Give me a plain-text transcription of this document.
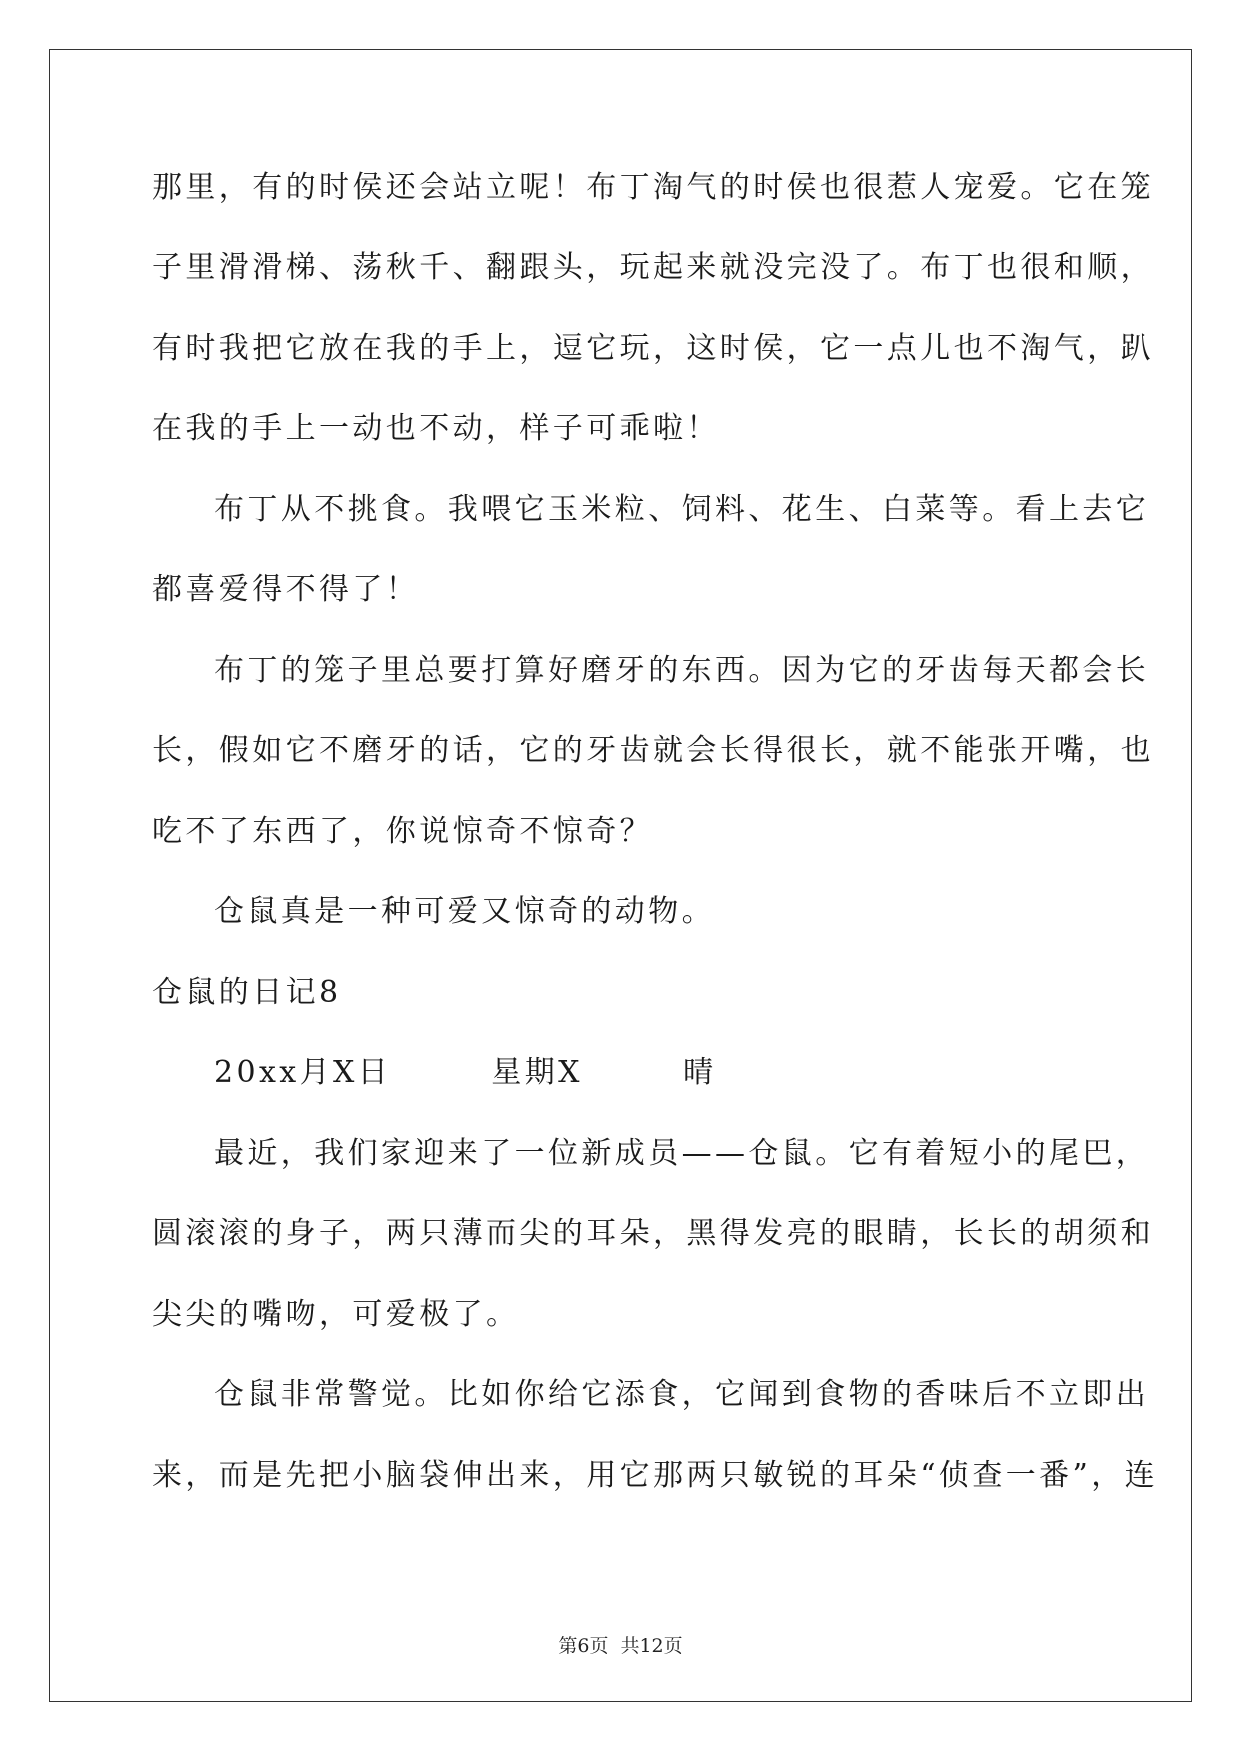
那里，有的时侯还会站立呢！布丁淘气的时侯也很惹人宠爱。它在笼
子里滑滑梯、荡秋千、翻跟头，玩起来就没完没了。布丁也很和顺，
有时我把它放在我的手上，逗它玩，这时侯，它一点儿也不淘气，趴
在我的手上一动也不动，样子可乖啦！
布丁从不挑食。我喂它玉米粒、饲料、花生、白菜等。看上去它
都喜爱得不得了！
布丁的笼子里总要打算好磨牙的东西。因为它的牙齿每天都会长
长，假如它不磨牙的话，它的牙齿就会长得很长，就不能张开嘴，也
吃不了东西了，你说惊奇不惊奇？
仓鼠真是一种可爱又惊奇的动物。
仓鼠的日记8
20xx月X日　　　星期X　　　晴
最近，我们家迎来了一位新成员——仓鼠。它有着短小的尾巴，
圆滚滚的身子，两只薄而尖的耳朵，黑得发亮的眼睛，长长的胡须和
尖尖的嘴吻，可爱极了。
仓鼠非常警觉。比如你给它添食，它闻到食物的香味后不立即出
来，而是先把小脑袋伸出来，用它那两只敏锐的耳朵“侦查一番”，连
第6页 共12页
